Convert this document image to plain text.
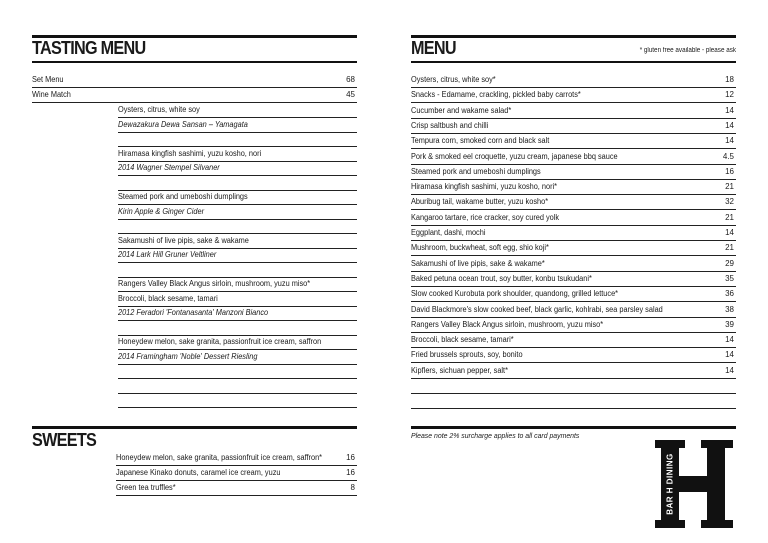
TASTING MENU
Set Menu	68
Wine Match	45
Oysters, citrus, white soy
Dewazakura Dewa Sansan – Yamagata
Hiramasa kingfish sashimi, yuzu kosho, nori
2014 Wagner Stempel Silvaner
Steamed pork and umeboshi dumplings
Kirin Apple & Ginger Cider
Sakamushi of live pipis, sake & wakame
2014 Lark Hill Gruner Veltliner
Rangers Valley Black Angus sirloin, mushroom, yuzu miso*
Broccoli, black sesame, tamari
2012 Feradori 'Fontanasanta' Manzoni Bianco
Honeydew melon, sake granita, passionfruit ice cream, saffron
2014 Framingham 'Noble' Dessert Riesling
SWEETS
Honeydew melon, sake granita, passionfruit ice cream, saffron*	16
Japanese Kinako donuts, caramel ice cream, yuzu	16
Green tea truffles*	8
MENU	* gluten free available - please ask
Oysters, citrus, white soy*	18
Snacks - Edamame, crackling, pickled baby carrots*	12
Cucumber and wakame salad*	14
Crisp saltbush and chilli	14
Tempura corn, smoked corn and black salt	14
Pork & smoked eel croquette, yuzu cream, japanese bbq sauce	4.5
Steamed pork and umeboshi dumplings	16
Hiramasa kingfish sashimi, yuzu kosho, nori*	21
Aburibug tail, wakame butter, yuzu kosho*	32
Kangaroo tartare, rice cracker, soy cured yolk	21
Eggplant, dashi, mochi	14
Mushroom, buckwheat, soft egg, shio koji*	21
Sakamushi of live pipis, sake & wakame*	29
Baked petuna ocean trout, soy butter, konbu tsukudani*	35
Slow cooked Kurobuta pork shoulder, quandong, grilled lettuce*	36
David Blackmore's slow cooked beef, black garlic, kohlrabi, sea parsley salad	38
Rangers Valley Black Angus sirloin, mushroom, yuzu miso*	39
Broccoli, black sesame, tamari*	14
Fried brussels sprouts, soy, bonito	14
Kipflers, sichuan pepper, salt*	14
Please note 2% surcharge applies to all card payments
BAR H DINING
